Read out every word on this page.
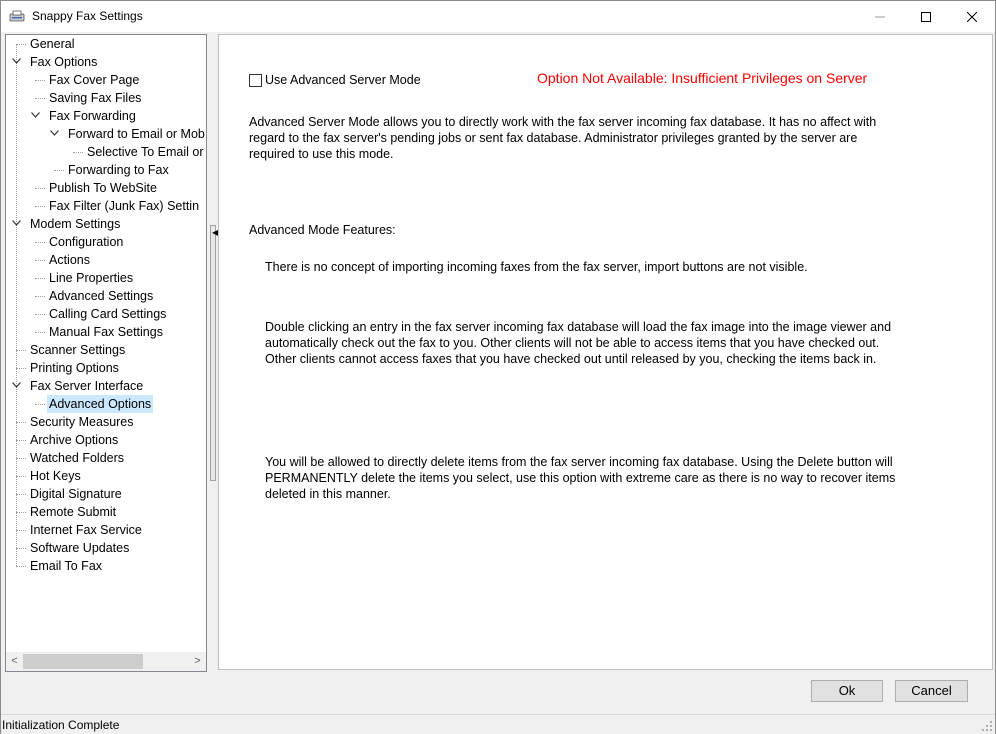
Snappy Fax Settings
General
Fax Options
Fax Cover Page
Saving Fax Files
Fax Forwarding
Forward to Email or Mob
Selective To Email or
Forwarding to Fax
Publish To WebSite
Fax Filter (Junk Fax) Settin
Modem Settings
Configuration
Actions
Line Properties
Advanced Settings
Calling Card Settings
Manual Fax Settings
Scanner Settings
Printing Options
Fax Server Interface
Advanced Options
Security Measures
Archive Options
Watched Folders
Hot Keys
Digital Signature
Remote Submit
Internet Fax Service
Software Updates
Email To Fax
<	>
◀
Use Advanced Server Mode	Option Not Available: Insufficient Privileges on Server
Advanced Server Mode allows you to directly work with the fax server incoming fax database. It has no affect with regard to the fax server's pending jobs or sent fax database. Administrator privileges granted by the server are required to use this mode.
Advanced Mode Features:
There is no concept of importing incoming faxes from the fax server, import buttons are not visible.
Double clicking an entry in the fax server incoming fax database will load the fax image into the image viewer and automatically check out the fax to you. Other clients will not be able to access items that you have checked out. Other clients cannot access faxes that you have checked out until released by you, checking the items back in.
You will be allowed to directly delete items from the fax server incoming fax database. Using the Delete button will PERMANENTLY delete the items you select, use this option with extreme care as there is no way to recover items deleted in this manner.
Ok	Cancel
Initialization Complete
